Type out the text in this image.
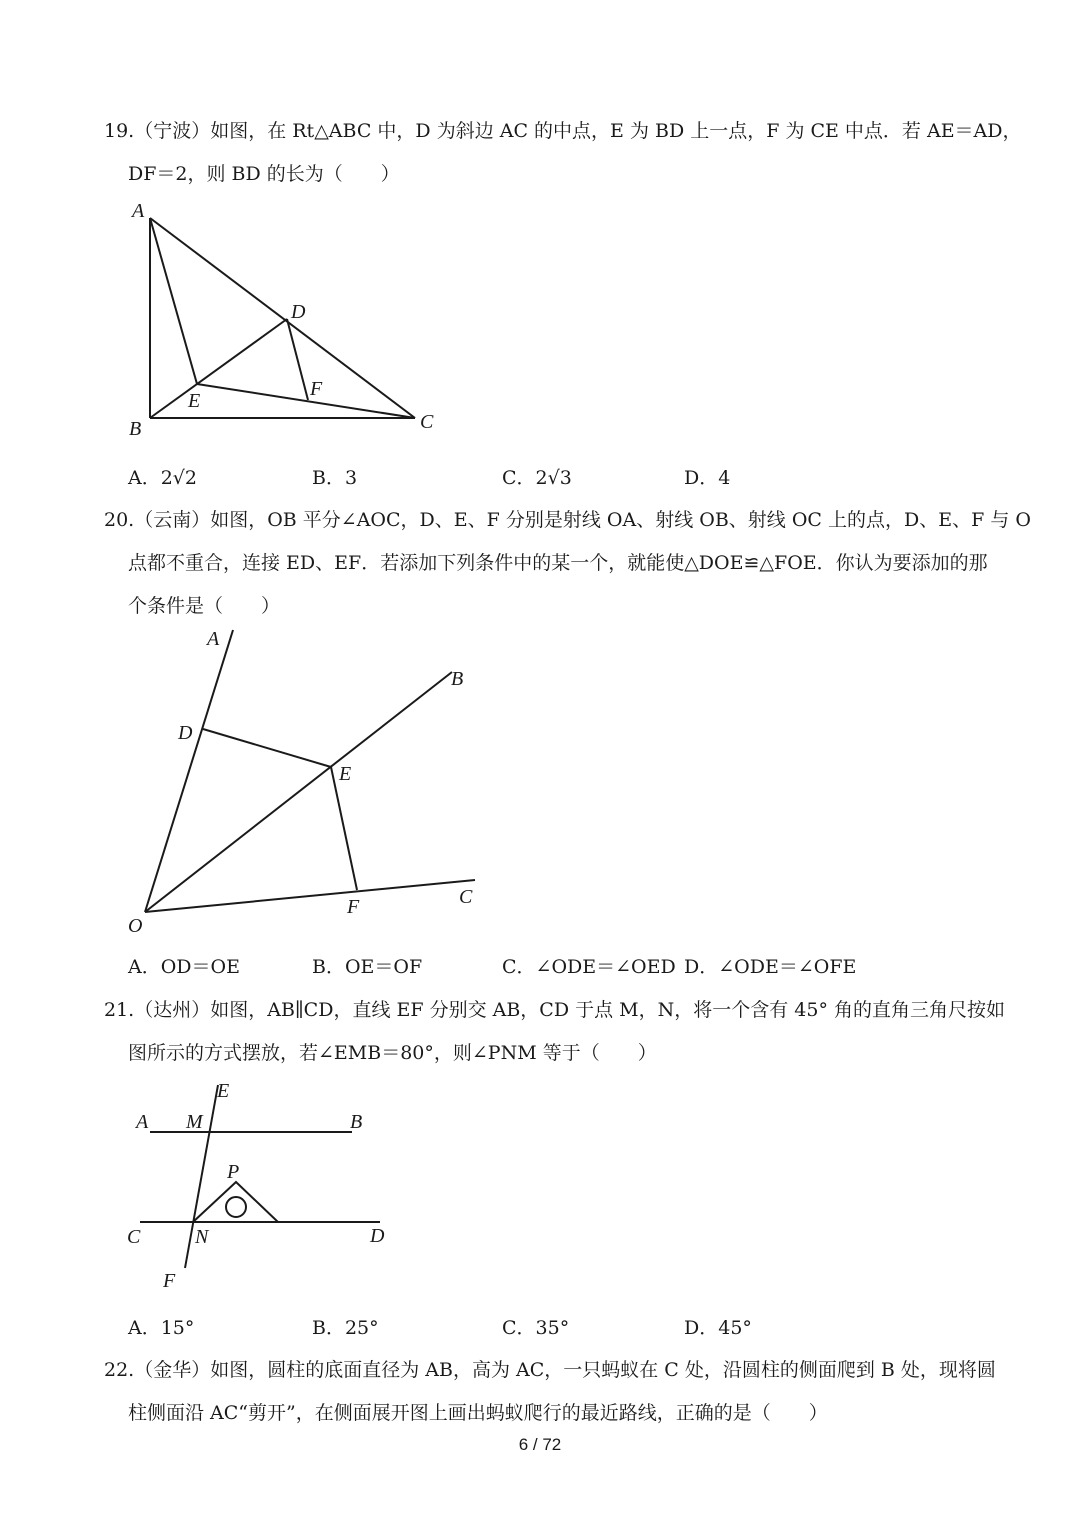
19.（宁波）如图，在 Rt△ABC 中，D 为斜边 AC 的中点，E 为 BD 上一点，F 为 CE 中点．若 AE＝AD，
DF＝2，则 BD 的长为（　　）
A
B	C
D
E
F
A．2√2	B．3	C．2√3	D．4
20.（云南）如图，OB 平分∠AOC，D、E、F 分别是射线 OA、射线 OB、射线 OC 上的点，D、E、F 与 O
点都不重合，连接 ED、EF．若添加下列条件中的某一个，就能使△DOE≌△FOE．你认为要添加的那
个条件是（　　）
A
B
C
D
E
F
O
A．OD＝OE	B．OE＝OF	C．∠ODE＝∠OED D．∠ODE＝∠OFE
21.（达州）如图，AB∥CD，直线 EF 分别交 AB，CD 于点 M，N，将一个含有 45° 角的直角三角尺按如
图所示的方式摆放，若∠EMB＝80°，则∠PNM 等于（　　）
A M	B
E
P
C	N	D
F
A．15°	B．25°	C．35°	D．45°
22.（金华）如图，圆柱的底面直径为 AB，高为 AC，一只蚂蚁在 C 处，沿圆柱的侧面爬到 B 处，现将圆
柱侧面沿 AC“剪开”，在侧面展开图上画出蚂蚁爬行的最近路线，正确的是（　　）
6 / 72
